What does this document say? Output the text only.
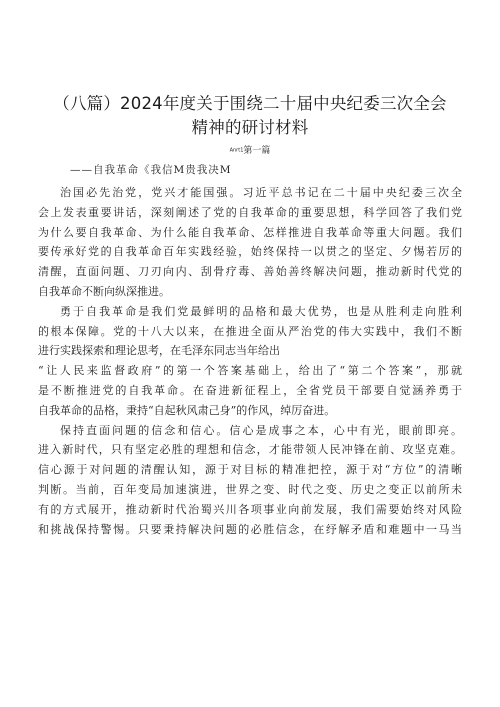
（八篇）2024年度关于围绕二十届中央纪委三次全会
精神的研讨材料
Anrt1第一篇
——自我革命《我信M贵我决M
治国必先治党，党兴才能国强。习近平总书记在二十届中央纪委三次全
会上发表重要讲话，深刻阐述了党的自我革命的重要思想，科学回答了我们党
为什么要自我革命、为什么能自我革命、怎样推进自我革命等重大问题。我们
要传承好党的自我革命百年实践经验，始终保持一以贯之的坚定、夕惕若厉的
清醒，直面问题、刀刃向内、刮骨疗毒、善始善终解决问题，推动新时代党的
自我革命不断向纵深推进。
勇于自我革命是我们党最鲜明的品格和最大优势，也是从胜利走向胜利
的根本保障。党的十八大以来，在推进全面从严治党的伟大实践中，我们不断
进行实践探索和理论思考，在毛泽东同志当年给出
“让人民来监督政府”的第一个答案基础上，给出了“第二个答案”，那就
是不断推进党的自我革命。在奋进新征程上，全省党员干部要自觉涵养勇于
自我革命的品格，秉持“自起秋风肃己身”的作风，绰厉奋进。
保持直面问题的信念和信心。信心是成事之本，心中有光，眼前即亮。
进入新时代，只有坚定必胜的理想和信念，才能带领人民冲锋在前、攻坚克难。
信心源于对问题的清醒认知，源于对目标的精准把控，源于对“方位”的清晰
判断。当前，百年变局加速演进，世界之变、时代之变、历史之变正以前所未
有的方式展开，推动新时代治蜀兴川各项事业向前发展，我们需要始终对风险
和挑战保持警惕。只要秉持解决问题的必胜信念，在纾解矛盾和难题中一马当
